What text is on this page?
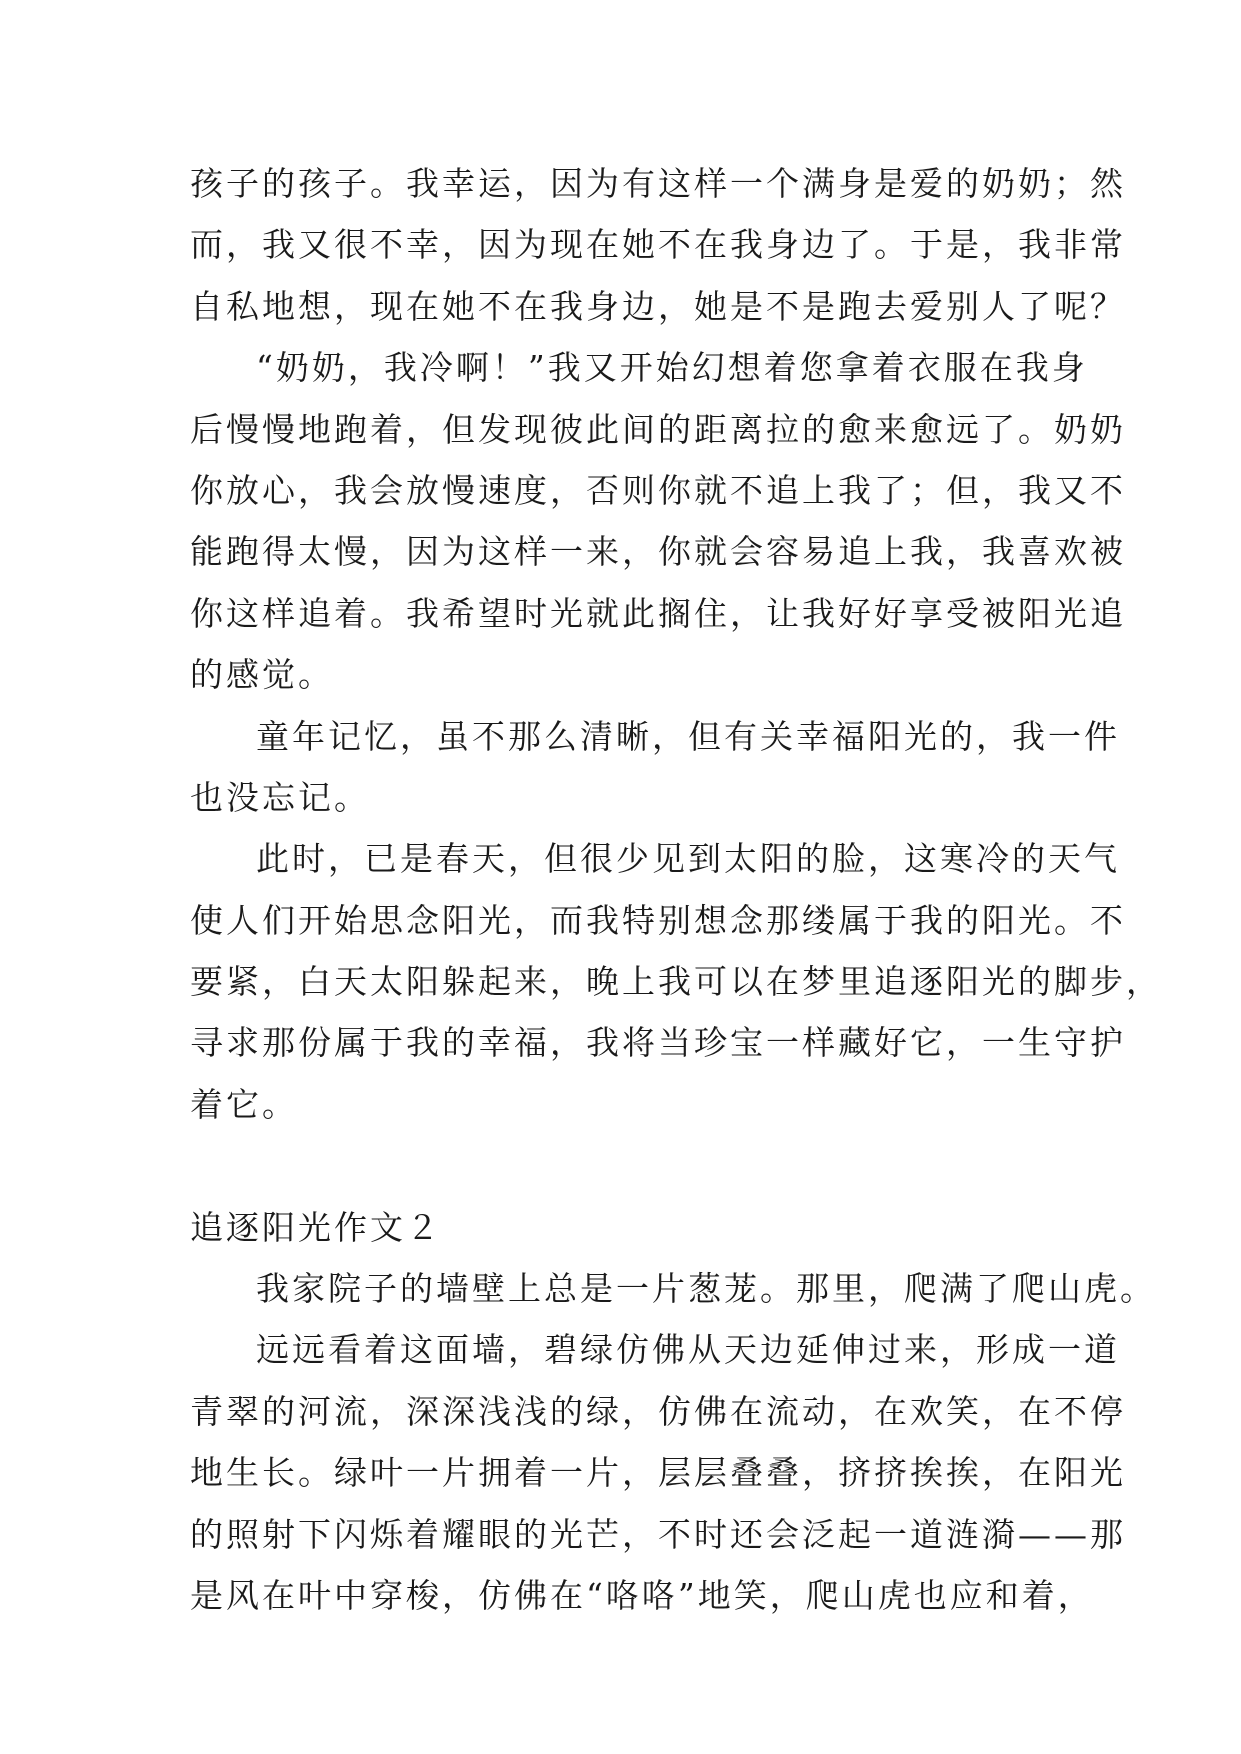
孩子的孩子。我幸运，因为有这样一个满身是爱的奶奶；然
而，我又很不幸，因为现在她不在我身边了。于是，我非常
自私地想，现在她不在我身边，她是不是跑去爱别人了呢？
“奶奶，我冷啊！”我又开始幻想着您拿着衣服在我身
后慢慢地跑着，但发现彼此间的距离拉的愈来愈远了。奶奶
你放心，我会放慢速度，否则你就不追上我了；但，我又不
能跑得太慢，因为这样一来，你就会容易追上我，我喜欢被
你这样追着。我希望时光就此搁住，让我好好享受被阳光追
的感觉。
童年记忆，虽不那么清晰，但有关幸福阳光的，我一件
也没忘记。
此时，已是春天，但很少见到太阳的脸，这寒冷的天气
使人们开始思念阳光，而我特别想念那缕属于我的阳光。不
要紧，白天太阳躲起来，晚上我可以在梦里追逐阳光的脚步，
寻求那份属于我的幸福，我将当珍宝一样藏好它，一生守护
着它。
追逐阳光作文２
我家院子的墙壁上总是一片葱茏。那里，爬满了爬山虎。
远远看着这面墙，碧绿仿佛从天边延伸过来，形成一道
青翠的河流，深深浅浅的绿，仿佛在流动，在欢笑，在不停
地生长。绿叶一片拥着一片，层层叠叠，挤挤挨挨，在阳光
的照射下闪烁着耀眼的光芒，不时还会泛起一道涟漪——那
是风在叶中穿梭，仿佛在“咯咯”地笑，爬山虎也应和着，
